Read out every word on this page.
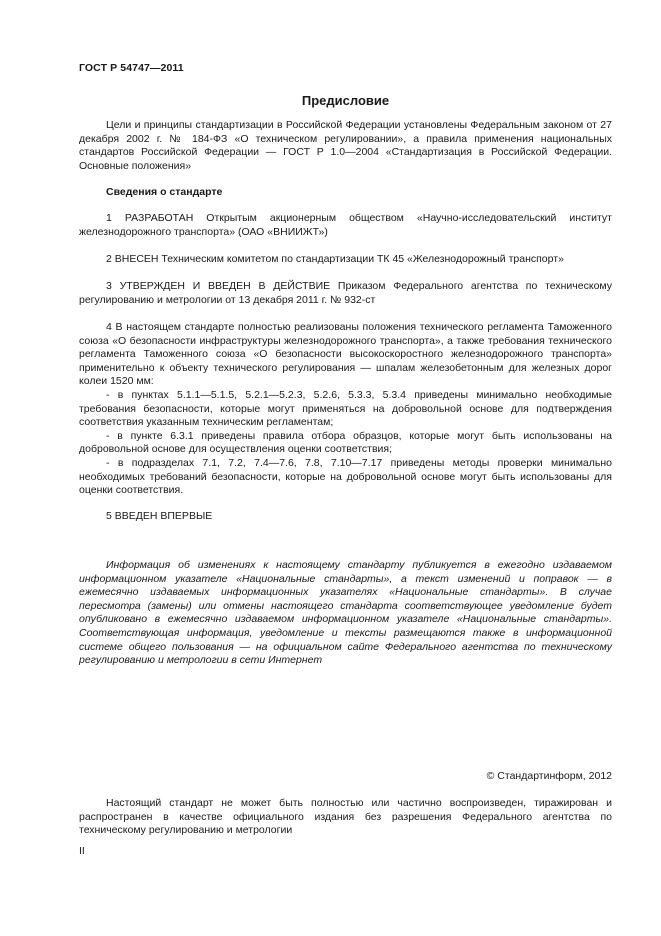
ГОСТ Р 54747—2011
Предисловие

Цели и принципы стандартизации в Российской Федерации установлены Федеральным законом от 27 декабря 2002 г. № 184-ФЗ «О техническом регулировании», а правила применения национальных стандартов Российской Федерации — ГОСТ Р 1.0—2004 «Стандартизация в Российской Федерации. Основные положения»

Сведения о стандарте

1 РАЗРАБОТАН Открытым акционерным обществом «Научно-исследовательский институт железнодорожного транспорта» (ОАО «ВНИИЖТ»)

2 ВНЕСЕН Техническим комитетом по стандартизации ТК 45 «Железнодорожный транспорт»

3 УТВЕРЖДЕН И ВВЕДЕН В ДЕЙСТВИЕ Приказом Федерального агентства по техническому регулированию и метрологии от 13 декабря 2011 г. № 932-ст

4 В настоящем стандарте полностью реализованы положения технического регламента Таможенного союза «О безопасности инфраструктуры железнодорожного транспорта», а также требования технического регламента Таможенного союза «О безопасности высокоскоростного железнодорожного транспорта» применительно к объекту технического регулирования — шпалам железобетонным для железных дорог колеи 1520 мм:

- в пунктах 5.1.1—5.1.5, 5.2.1—5.2.3, 5.2.6, 5.3.3, 5.3.4 приведены минимально необходимые требования безопасности, которые могут применяться на добровольной основе для подтверждения соответствия указанным техническим регламентам;

- в пункте 6.3.1 приведены правила отбора образцов, которые могут быть использованы на добровольной основе для осуществления оценки соответствия;

- в подразделах 7.1, 7.2, 7.4—7.6, 7.8, 7.10—7.17 приведены методы проверки минимально необходимых требований безопасности, которые на добровольной основе могут быть использованы для оценки соответствия.

5 ВВЕДЕН ВПЕРВЫЕ

Информация об изменениях к настоящему стандарту публикуется в ежегодно издаваемом информационном указателе «Национальные стандарты», а текст изменений и поправок — в ежемесячно издаваемых информационных указателях «Национальные стандарты». В случае пересмотра (замены) или отмены настоящего стандарта соответствующее уведомление будет опубликовано в ежемесячно издаваемом информационном указателе «Национальные стандарты». Соответствующая информация, уведомление и тексты размещаются также в информационной системе общего пользования — на официальном сайте Федерального агентства по техническому регулированию и метрологии в сети Интернет

© Стандартинформ, 2012

Настоящий стандарт не может быть полностью или частично воспроизведен, тиражирован и распространен в качестве официального издания без разрешения Федерального агентства по техническому регулированию и метрологии

II
